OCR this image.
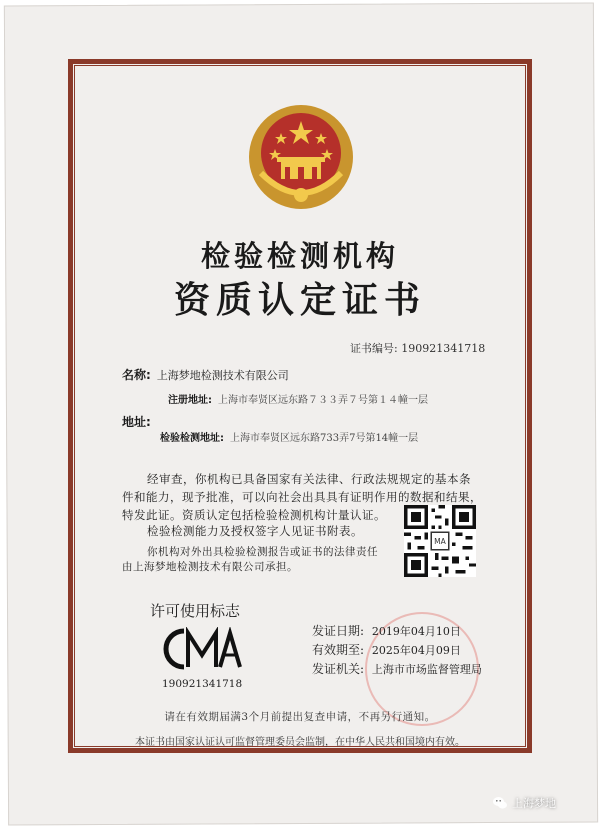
检验检测机构
资质认定证书
证书编号: 190921341718
名称: 上海梦地检测技术有限公司
注册地址: 上海市奉贤区远东路７３３弄７号第１４幢一层
地址:
检验检测地址: 上海市奉贤区远东路733弄7号第14幢一层
经审查，你机构已具备国家有关法律、行政法规规定的基本条件和能力，现予批准，可以向社会出具具有证明作用的数据和结果，特发此证。资质认定包括检验检测机构计量认证。
检验检测能力及授权签字人见证书附表。
你机构对外出具检验检测报告或证书的法律责任由上海梦地检测技术有限公司承担。
MA
许可使用标志
190921341718
发证日期: 2019年04月10日
有效期至: 2025年04月09日
发证机关: 上海市市场监督管理局
请在有效期届满3个月前提出复查申请，不再另行通知。
本证书由国家认证认可监督管理委员会监制，在中华人民共和国境内有效。
上海梦地
